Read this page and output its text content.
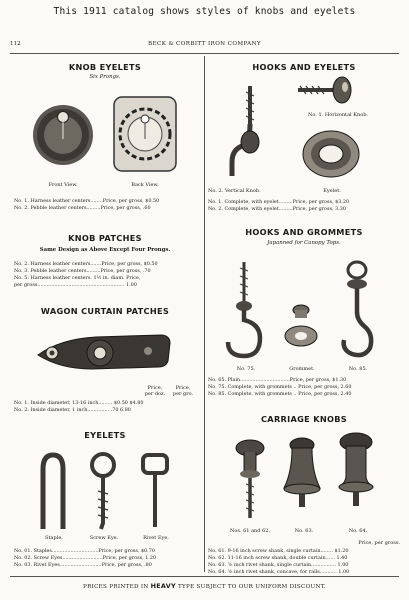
This 1911 catalog shows styles of knobs and eyelets
112	BECK & CORBITT IRON COMPANY
KNOB EYELETS
Six Prongs.
Front View.	Back View.
No. 1. Harness leather centers........Price, per gross, $0.50
No. 2. Pebble leather centers.........Price, per gross, .60
KNOB PATCHES
Same Design as Above Except Four Prongs.
No. 2. Harness leather centers.......Price, per gross, $0.50
No. 3. Pebble leather centers.........Price, per gross, .70
No. 5. Harness leather centers. 1½ in. diam. Price,
per gross........................................................ 1.00
WAGON CURTAIN PATCHES
Price,
per doz.
Price,
per gro.
No. 1. Inside diameter, 13-16 inch......... $0.50 $4.80
No. 2. Inside diameter, 1 inch.............. .70 6.80
EYELETS
Staple.	Screw Eye.	Rivet Eye.
No. 01. Staples..............................Price, per gross, $0.70
No. 02. Screw Eyes..........................Price, per gross, 1.20
No. 03. Rivet Eyes...........................Price, per gross, .80
HOOKS AND EYELETS
No. 1. Horizontal Knob.
No. 2. Vertical Knob.	Eyelet.
No. 1. Complete, with eyelet.........Price, per gross, $3.20
No. 2. Complete, with eyelet.........Price, per gross, 3.30
HOOKS AND GROMMETS
Japanned for Canopy Tops.
No. 75.	Grommet.	No. 85.
No. 65. Plain................................Price, per gross, $1.30
No. 75. Complete, with grommets .. Price, per gross, 2.60
No. 85. Complete, with grommets .. Price, per gross, 2.40
CARRIAGE KNOBS
Nos. 61 and 62.	No. 63.	No. 64.
Price, per gross.
No. 61. 9-16 inch screw shank, single curtain........ $1.20
No. 62. 11-16 inch screw shank, double curtain...... 1.40
No. 63. ⅝ inch rivet shank, single curtain................ 1.00
No. 64. ⅝ inch rivet shank, concave, for rails........... 1.00
PRICES PRINTED IN HEAVY TYPE SUBJECT TO OUR UNIFORM DISCOUNT.
